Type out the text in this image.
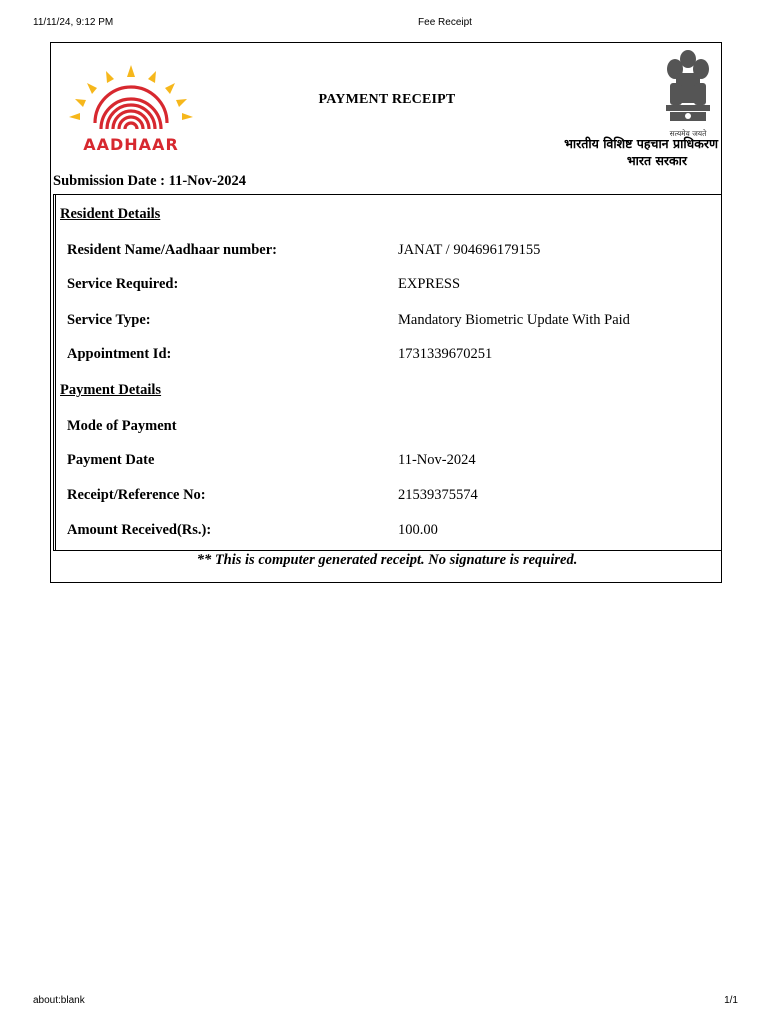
11/11/24, 9:12 PM	Fee Receipt
AADHAAR
PAYMENT RECEIPT
सत्यमेव जयते
भारतीय विशिष्ट पहचान प्राधिकरण
भारत सरकार
Submission Date : 11-Nov-2024
Resident Details
Resident Name/Aadhaar number:	JANAT / 904696179155
Service Required:	EXPRESS
Service Type:	Mandatory Biometric Update With Paid
Appointment Id:	1731339670251
Payment Details
Mode of Payment
Payment Date	11-Nov-2024
Receipt/Reference No:	21539375574
Amount Received(Rs.):	100.00
** This is computer generated receipt. No signature is required.
about:blank	1/1
